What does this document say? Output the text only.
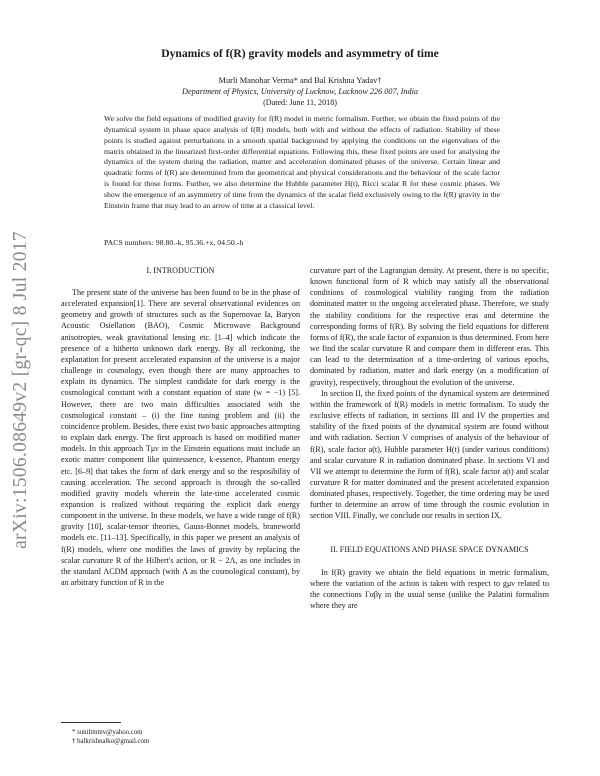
arXiv:1506.08649v2 [gr-qc] 8 Jul 2017
Dynamics of f(R) gravity models and asymmetry of time
Murli Manohar Verma* and Bal Krishna Yadav†
Department of Physics, University of Lucknow, Lucknow 226 007, India
(Dated: June 11, 2018)

We solve the field equations of modified gravity for f(R) model in metric formalism. Further, we obtain the fixed points of the dynamical system in phase space analysis of f(R) models, both with and without the effects of radiation. Stability of these points is studied against perturbations in a smooth spatial background by applying the conditions on the eigenvalues of the matrix obtained in the linearized first-order differential equations. Following this, these fixed points are used for analysing the dynamics of the system during the radiation, matter and acceleration dominated phases of the universe. Certain linear and quadratic forms of f(R) are determined from the geometrical and physical considerations and the behaviour of the scale factor is found for those forms. Further, we also determine the Hubble parameter H(t), Ricci scalar R for these cosmic phases. We show the emergence of an asymmetry of time from the dynamics of the scalar field exclusively owing to the f(R) gravity in the Einstein frame that may lead to an arrow of time at a classical level.

PACS numbers: 98.80.-k, 95.36.+x, 04.50.-h

I. INTRODUCTION

The present state of the universe has been found to be in the phase of accelerated expansion[1]. There are several observational evidences on geometry and growth of structures such as the Supernovae Ia, Baryon Acoustic Osiellation (BAO), Cosmic Microwave Background anisotropies, weak gravitational lensing etc. [1–4] which indicate the presence of a hitherto unknown dark energy. By all reckoning, the explanation for present accelerated expansion of the universe is a major challenge in cosmology, even though there are many approaches to explain its dynamics. The simplest candidate for dark energy is the cosmological constant with a constant equation of state (w = −1) [5]. However, there are two main difficulties associated with the cosmological constant – (i) the fine tuning problem and (ii) the coincidence problem. Besides, there exist two basic approaches attmpting to explain dark energy. The first approach is based on modified matter models. In this approach Tμν in the Einstein equations must include an exotic matter component like quintessence, k-essence, Phantom energy etc. [6–9] that takes the form of dark energy and so the resposibility of causing acceleration. The second approach is through the so-called modified gravity models wherein the late-time accelerated cosmic expansion is realized without requiring the explicit dark energy component in the universe. In these models, we have a wide range of f(R) gravity [10], scalar-tensor theories, Gauss-Bonnet models, braneworld models etc. [11–13]. Specifically, in this paper we present an analysis of f(R) models, where one modifies the laws of gravity by replacing the scalar curvature R of the Hilbert's action, or R − 2Λ, as one includes in the standard ΛCDM approach (with Λ as the cosmological constant), by an arbitrary function of R in the

curvature part of the Lagrangian density. At present, there is no specific, known functional form of R which may satisfy all the observational conditions of cosmological viability ranging from the radiation dominated matter to the ongoing accelerated phase. Therefore, we study the stability conditions for the respective eras and determine the corresponding forms of f(R). By solving the field equations for different forms of f(R), the scale factor of expansion is thus determined. From here we find the scalar curvature R and compare them in different eras. This can lead to the determination of a time-ordering of various epochs, dominated by radiation, matter and dark energy (as a modification of gravity), respectively, throughout the evolution of the universe.

In section II, the fixed points of the dynamical system are determined within the framework of f(R) models in metric formalism. To study the exclusive effects of radiation, in sections III and IV the properties and stability of the fixed points of the dynamical system are found without and with radiation. Section V comprises of analysis of the behaviour of f(R), scale factor a(t), Hubble parameter H(t) (under various conditions) and scalar curvature R in radiation dominated phase. In sections VI and VII we attempt to determine the form of f(R), scale factor a(t) and scalar curvature R for matter dominated and the present accelerated expansion dominated phases, respectively. Together, the time ordering may be used further to determine an arrow of time through the cosmic evolution in section VIII. Finally, we conclude our results in section IX.

II. FIELD EQUATIONS AND PHASE SPACE DYNAMICS

In f(R) gravity we obtain the field equations in metric formalism, where the variation of the action is taken with respect to gμν related to the connections Γαβγ in the usual sense (unlike the Palatini formalism where they are

* suniltmmv@yahoo.com

† balkrishnalko@gmail.com
